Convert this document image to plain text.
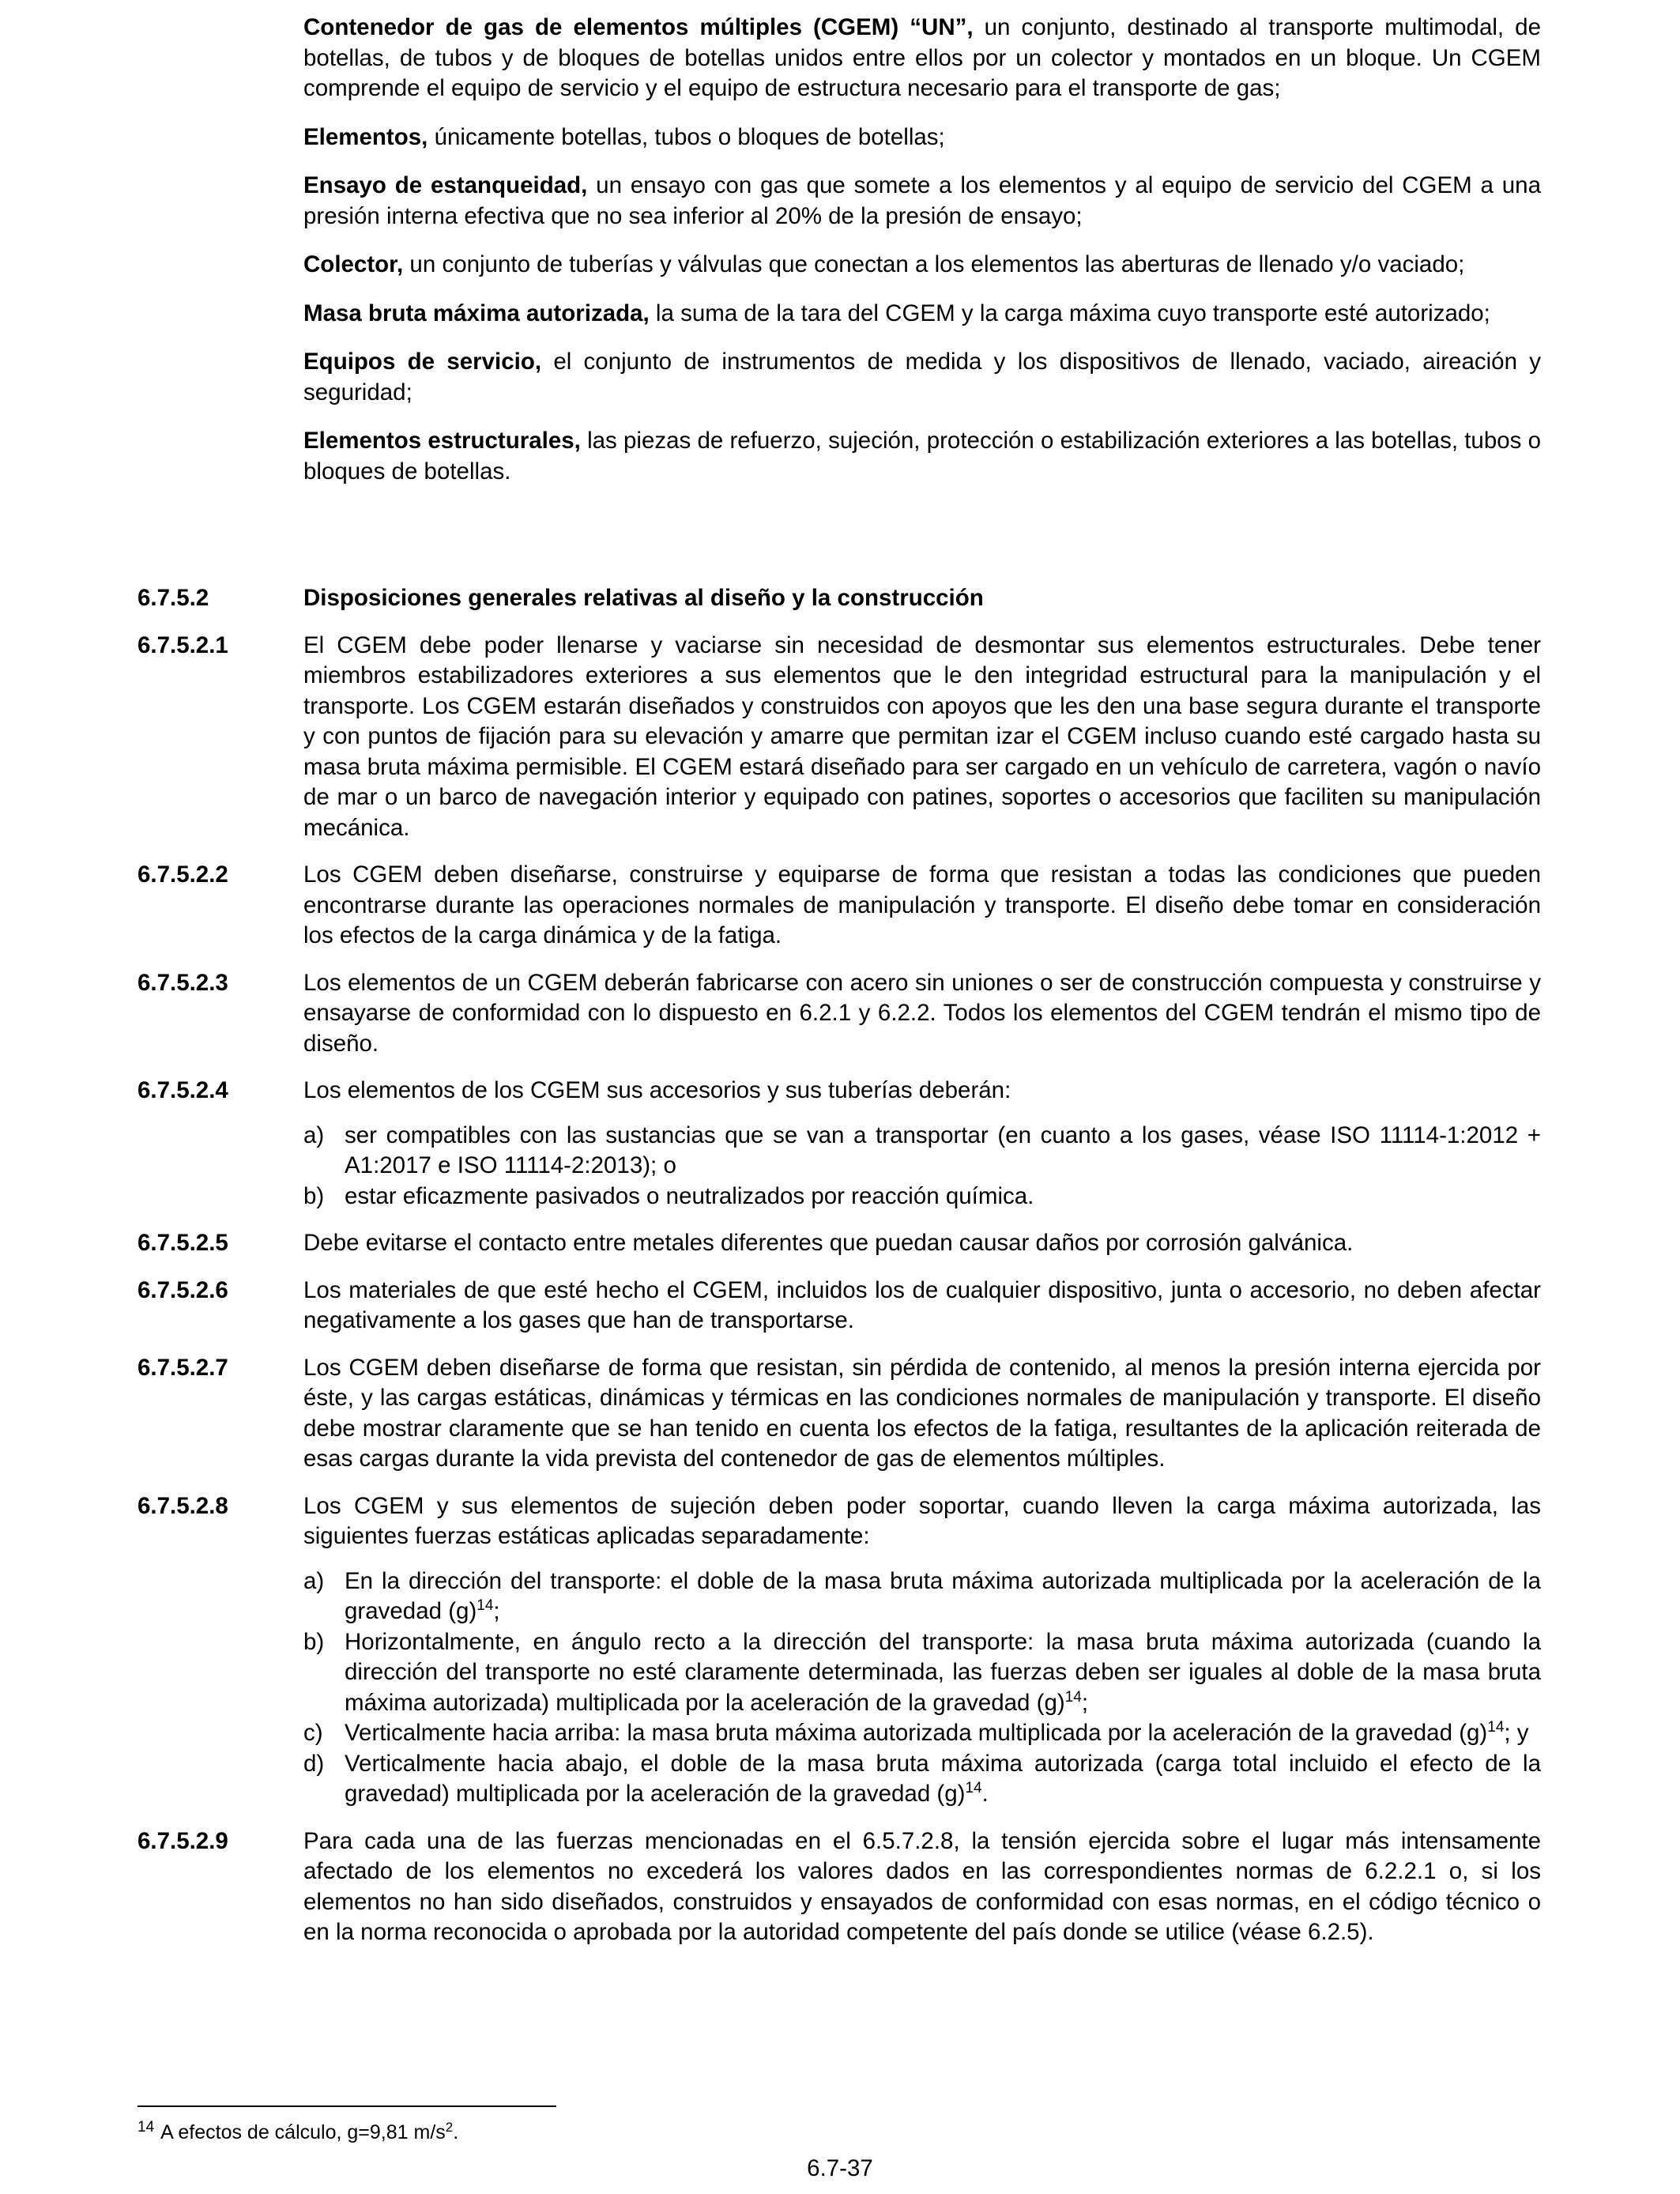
Contenedor de gas de elementos múltiples (CGEM) “UN”, un conjunto, destinado al transporte multimodal, de botellas, de tubos y de bloques de botellas unidos entre ellos por un colector y montados en un bloque. Un CGEM comprende el equipo de servicio y el equipo de estructura necesario para el transporte de gas;

Elementos, únicamente botellas, tubos o bloques de botellas;

Ensayo de estanqueidad, un ensayo con gas que somete a los elementos y al equipo de servicio del CGEM a una presión interna efectiva que no sea inferior al 20% de la presión de ensayo;

Colector, un conjunto de tuberías y válvulas que conectan a los elementos las aberturas de llenado y/o vaciado;

Masa bruta máxima autorizada, la suma de la tara del CGEM y la carga máxima cuyo transporte esté autorizado;

Equipos de servicio, el conjunto de instrumentos de medida y los dispositivos de llenado, vaciado, aireación y seguridad;

Elementos estructurales, las piezas de refuerzo, sujeción, protección o estabilización exteriores a las botellas, tubos o bloques de botellas.

6.7.5.2	Disposiciones generales relativas al diseño y la construcción
6.7.5.2.1	El CGEM debe poder llenarse y vaciarse sin necesidad de desmontar sus elementos estructurales. Debe tener miembros estabilizadores exteriores a sus elementos que le den integridad estructural para la manipulación y el transporte. Los CGEM estarán diseñados y construidos con apoyos que les den una base segura durante el transporte y con puntos de fijación para su elevación y amarre que permitan izar el CGEM incluso cuando esté cargado hasta su masa bruta máxima permisible. El CGEM estará diseñado para ser cargado en un vehículo de carretera, vagón o navío de mar o un barco de navegación interior y equipado con patines, soportes o accesorios que faciliten su manipulación mecánica.
6.7.5.2.2	Los CGEM deben diseñarse, construirse y equiparse de forma que resistan a todas las condiciones que pueden encontrarse durante las operaciones normales de manipulación y transporte. El diseño debe tomar en consideración los efectos de la carga dinámica y de la fatiga.
6.7.5.2.3	Los elementos de un CGEM deberán fabricarse con acero sin uniones o ser de construcción compuesta y construirse y ensayarse de conformidad con lo dispuesto en 6.2.1 y 6.2.2. Todos los elementos del CGEM tendrán el mismo tipo de diseño.
6.7.5.2.4	Los elementos de los CGEM sus accesorios y sus tuberías deberán:
a) ser compatibles con las sustancias que se van a transportar (en cuanto a los gases, véase ISO 11114-1:2012 + A1:2017 e ISO 11114-2:2013); o
b) estar eficazmente pasivados o neutralizados por reacción química.
6.7.5.2.5	Debe evitarse el contacto entre metales diferentes que puedan causar daños por corrosión galvánica.
6.7.5.2.6	Los materiales de que esté hecho el CGEM, incluidos los de cualquier dispositivo, junta o accesorio, no deben afectar negativamente a los gases que han de transportarse.
6.7.5.2.7	Los CGEM deben diseñarse de forma que resistan, sin pérdida de contenido, al menos la presión interna ejercida por éste, y las cargas estáticas, dinámicas y térmicas en las condiciones normales de manipulación y transporte. El diseño debe mostrar claramente que se han tenido en cuenta los efectos de la fatiga, resultantes de la aplicación reiterada de esas cargas durante la vida prevista del contenedor de gas de elementos múltiples.
6.7.5.2.8	Los CGEM y sus elementos de sujeción deben poder soportar, cuando lleven la carga máxima autorizada, las siguientes fuerzas estáticas aplicadas separadamente:
a) En la dirección del transporte: el doble de la masa bruta máxima autorizada multiplicada por la aceleración de la gravedad $(g)^{14}$;
b) Horizontalmente, en ángulo recto a la dirección del transporte: la masa bruta máxima autorizada (cuando la dirección del transporte no esté claramente determinada, las fuerzas deben ser iguales al doble de la masa bruta máxima autorizada) multiplicada por la aceleración de la gravedad $(g)^{14}$;
c) Verticalmente hacia arriba: la masa bruta máxima autorizada multiplicada por la aceleración de la gravedad $(g)^{14}$; y
d) Verticalmente hacia abajo, el doble de la masa bruta máxima autorizada (carga total incluido el efecto de la gravedad) multiplicada por la aceleración de la gravedad $(g)^{14}$.
6.7.5.2.9	Para cada una de las fuerzas mencionadas en el 6.5.7.2.8, la tensión ejercida sobre el lugar más intensamente afectado de los elementos no excederá los valores dados en las correspondientes normas de 6.2.2.1 o, si los elementos no han sido diseñados, construidos y ensayados de conformidad con esas normas, en el código técnico o en la norma reconocida o aprobada por la autoridad competente del país donde se utilice (véase 6.2.5).
$^{14}$ A efectos de cálculo, g=9,81 m/s$^2$.
6.7-37
